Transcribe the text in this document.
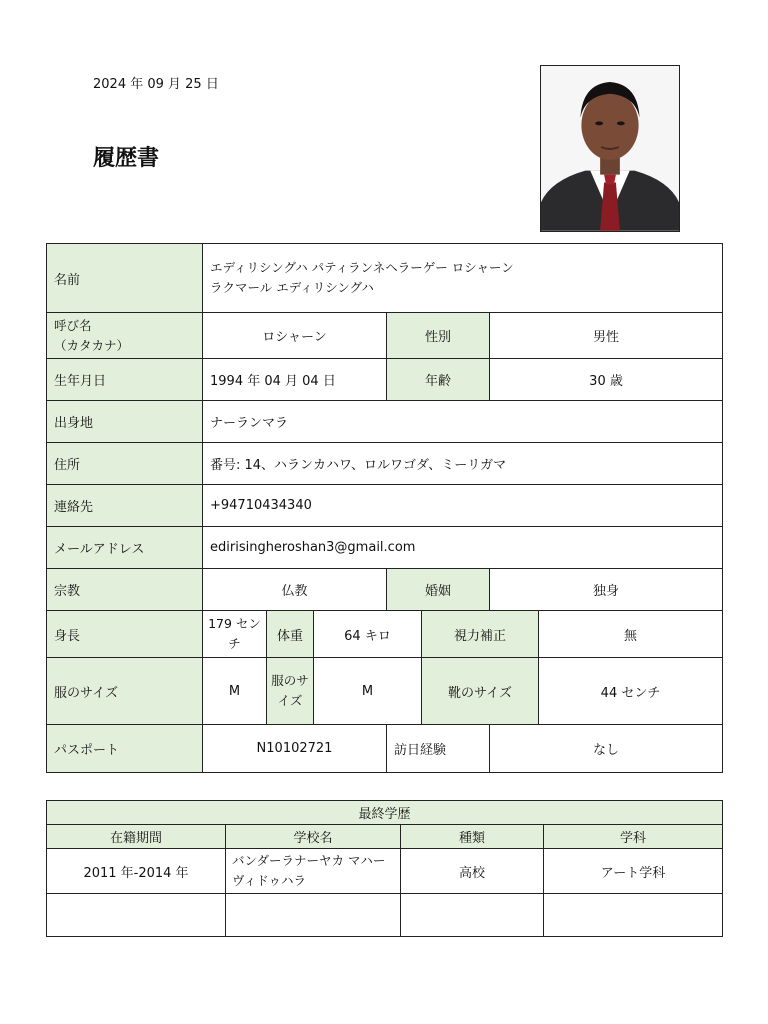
2024 年 09 月 25 日
履歴書
名前	エディリシングハ パティランネヘラーゲー ロシャーン
ラクマール エディリシングハ						

呼び名
（カタカナ）	ロシャーン			性別		男性	
生年月日	1994 年 04 月 04 日			年齢		30 歳	
出身地	ナーランマラ						
住所	番号: 14、ハランカハワ、ロルワゴダ、ミーリガマ						
連絡先	+94710434340						
メールアドレス	edirisingheroshan3@gmail.com						
宗教	仏教			婚姻		独身	
身長	179 センチ	体重	64 キロ		視力補正		無
服のサイズ	M	服のサイズ	M		靴のサイズ		44 センチ
パスポート	N10102721			訪日経験		なし	
最終学歴			
在籍期間	学校名	種類	学科
2011 年-2014 年	バンダーラナーヤカ マハー ヴィドゥハラ	高校	アート学科
